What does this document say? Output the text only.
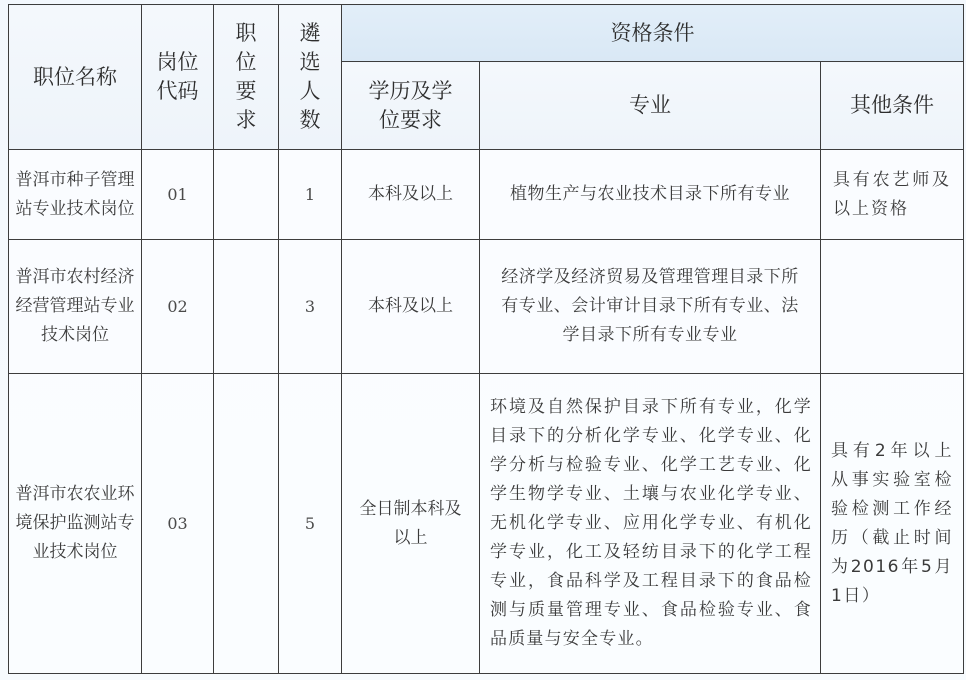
职位名称	岗位代码	职位要求	遴选人数	资格条件		
				学历及学位要求	专业	其他条件
普洱市种子管理站专业技术岗位	01		1	本科及以上	植物生产与农业技术目录下所有专业	具有农艺师及以上资格

普洱市农村经济经营管理站专业技术岗位	02		3	本科及以上	经济学及经济贸易及管理管理目录下所有专业、会计审计目录下所有专业、法学目录下所有专业专业	
普洱市农农业环境保护监测站专业技术岗位	03		5	全日制本科及以上	环境及自然保护目录下所有专业，化学目录下的分析化学专业、化学专业、化学分析与检验专业、化学工艺专业、化学生物学专业、土壤与农业化学专业、无机化学专业、应用化学专业、有机化学专业，化工及轻纺目录下的化学工程专业，食品科学及工程目录下的食品检测与质量管理专业、食品检验专业、食品质量与安全专业。	具有2年以上从事实验室检验检测工作经历（截止时间为2016年5月1日）
